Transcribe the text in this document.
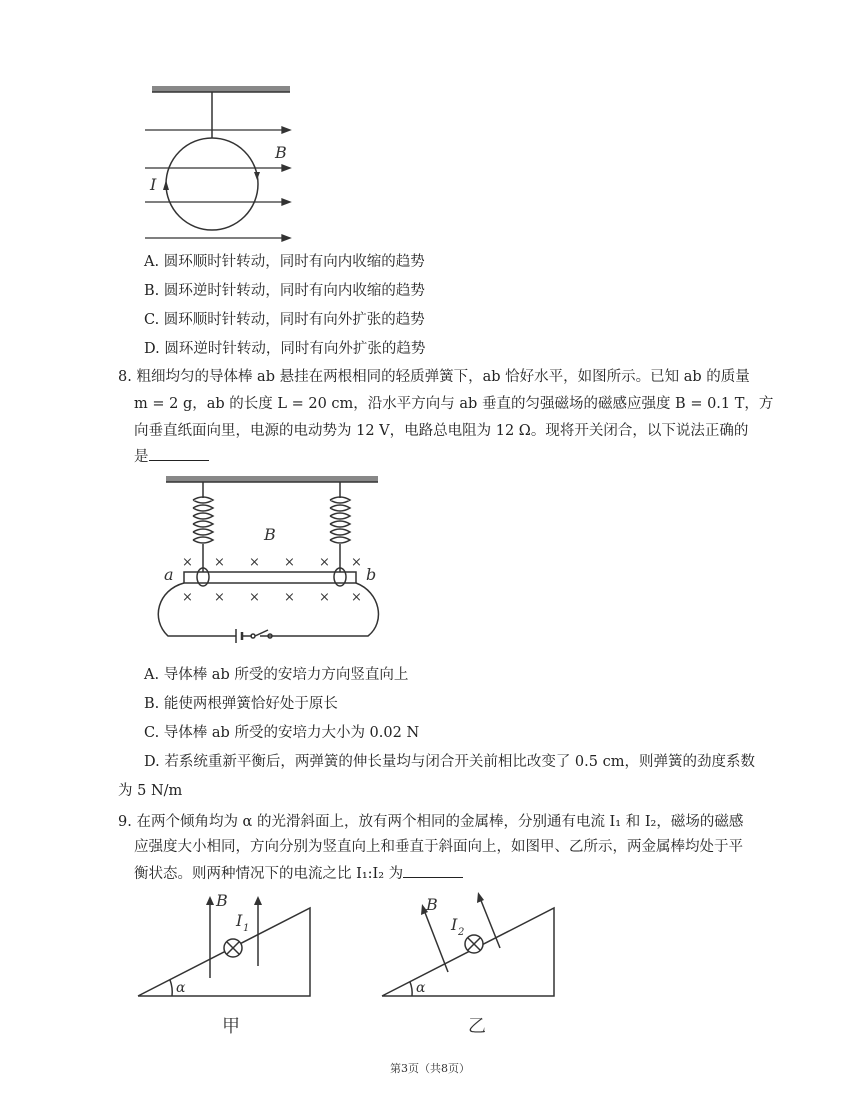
B
I
A. 圆环顺时针转动，同时有向内收缩的趋势
B. 圆环逆时针转动，同时有向内收缩的趋势
C. 圆环顺时针转动，同时有向外扩张的趋势
D. 圆环逆时针转动，同时有向外扩张的趋势
8. 粗细均匀的导体棒 ab 悬挂在两根相同的轻质弹簧下，ab 恰好水平，如图所示。已知 ab 的质量
m = 2 g，ab 的长度 L = 20 cm，沿水平方向与 ab 垂直的匀强磁场的磁感应强度 B = 0.1 T，方
向垂直纸面向里，电源的电动势为 12 V，电路总电阻为 12 Ω。现将开关闭合，以下说法正确的
是
× × × × × ×
× × × × × ×
B
a	b
A. 导体棒 ab 所受的安培力方向竖直向上
B. 能使两根弹簧恰好处于原长
C. 导体棒 ab 所受的安培力大小为 0.02 N
D. 若系统重新平衡后，两弹簧的伸长量均与闭合开关前相比改变了 0.5 cm，则弹簧的劲度系数
为 5 N/m
9. 在两个倾角均为 α 的光滑斜面上，放有两个相同的金属棒，分别通有电流 I₁ 和 I₂，磁场的磁感
应强度大小相同，方向分别为竖直向上和垂直于斜面向上，如图甲、乙所示，两金属棒均处于平
衡状态。则两种情况下的电流之比 I₁:I₂ 为
B
I 1
α
甲
B
I 2
α
乙
第3页（共8页）
